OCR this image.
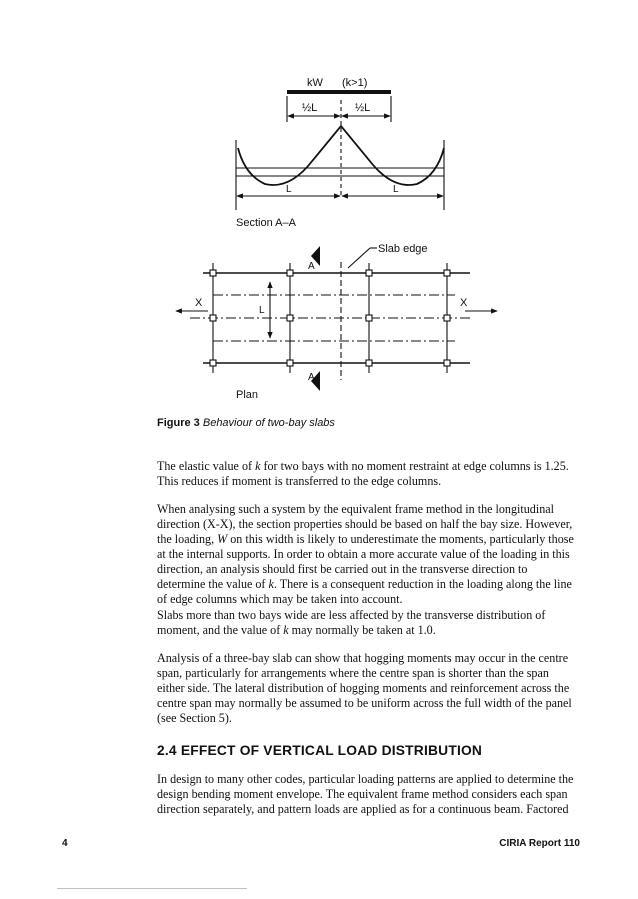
kW (k>1)
½L	½L
L	L
Section A–A
A
A
Slab edge
X	X
L
Plan
Figure 3 Behaviour of two-bay slabs

The elastic value of k for two bays with no moment restraint at edge columns is 1.25. This reduces if moment is transferred to the edge columns.

When analysing such a system by the equivalent frame method in the longitudinal direction (X-X), the section properties should be based on half the bay size. However, the loading, W on this width is likely to underestimate the moments, particularly those at the internal supports. In order to obtain a more accurate value of the loading in this direction, an analysis should first be carried out in the transverse direction to determine the value of k. There is a consequent reduction in the loading along the line of edge columns which may be taken into account.

Slabs more than two bays wide are less affected by the transverse distribution of moment, and the value of k may normally be taken at 1.0.

Analysis of a three-bay slab can show that hogging moments may occur in the centre span, particularly for arrangements where the centre span is shorter than the span either side. The lateral distribution of hogging moments and reinforcement across the centre span may normally be assumed to be uniform across the full width of the panel (see Section 5).

2.4 EFFECT OF VERTICAL LOAD DISTRIBUTION

In design to many other codes, particular loading patterns are applied to determine the design bending moment envelope. The equivalent frame method considers each span direction separately, and pattern loads are applied as for a continuous beam. Factored

4	CIRIA Report 110
